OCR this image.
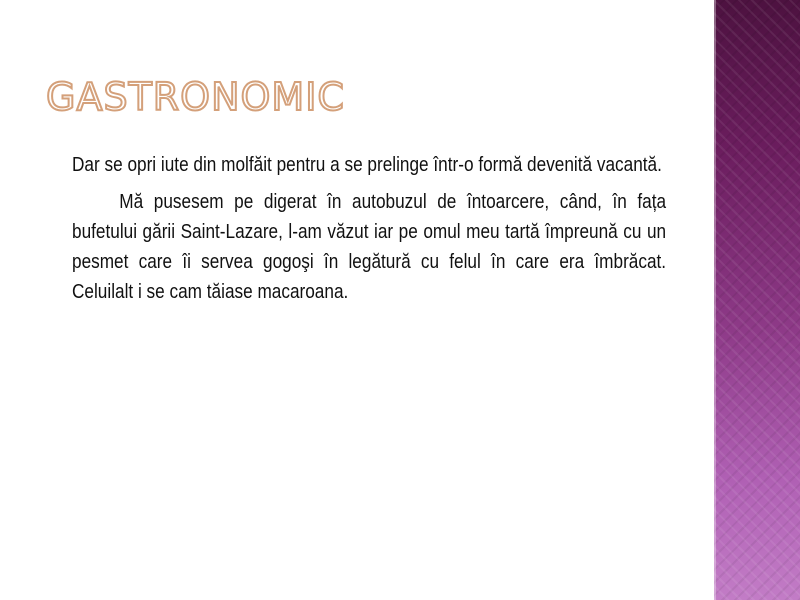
GASTRONOMIC

Dar se opri iute din molfăit pentru a se prelinge într-o formă devenită vacantă.

Mă pusesem pe digerat în autobuzul de întoarcere, când, în fața bufetului gării Saint-Lazare, l-am văzut iar pe omul meu tartă împreună cu un pesmet care îi servea gogoşi în legătură cu felul în care era îmbrăcat. Celuilalt i se cam tăiase macaroana.
